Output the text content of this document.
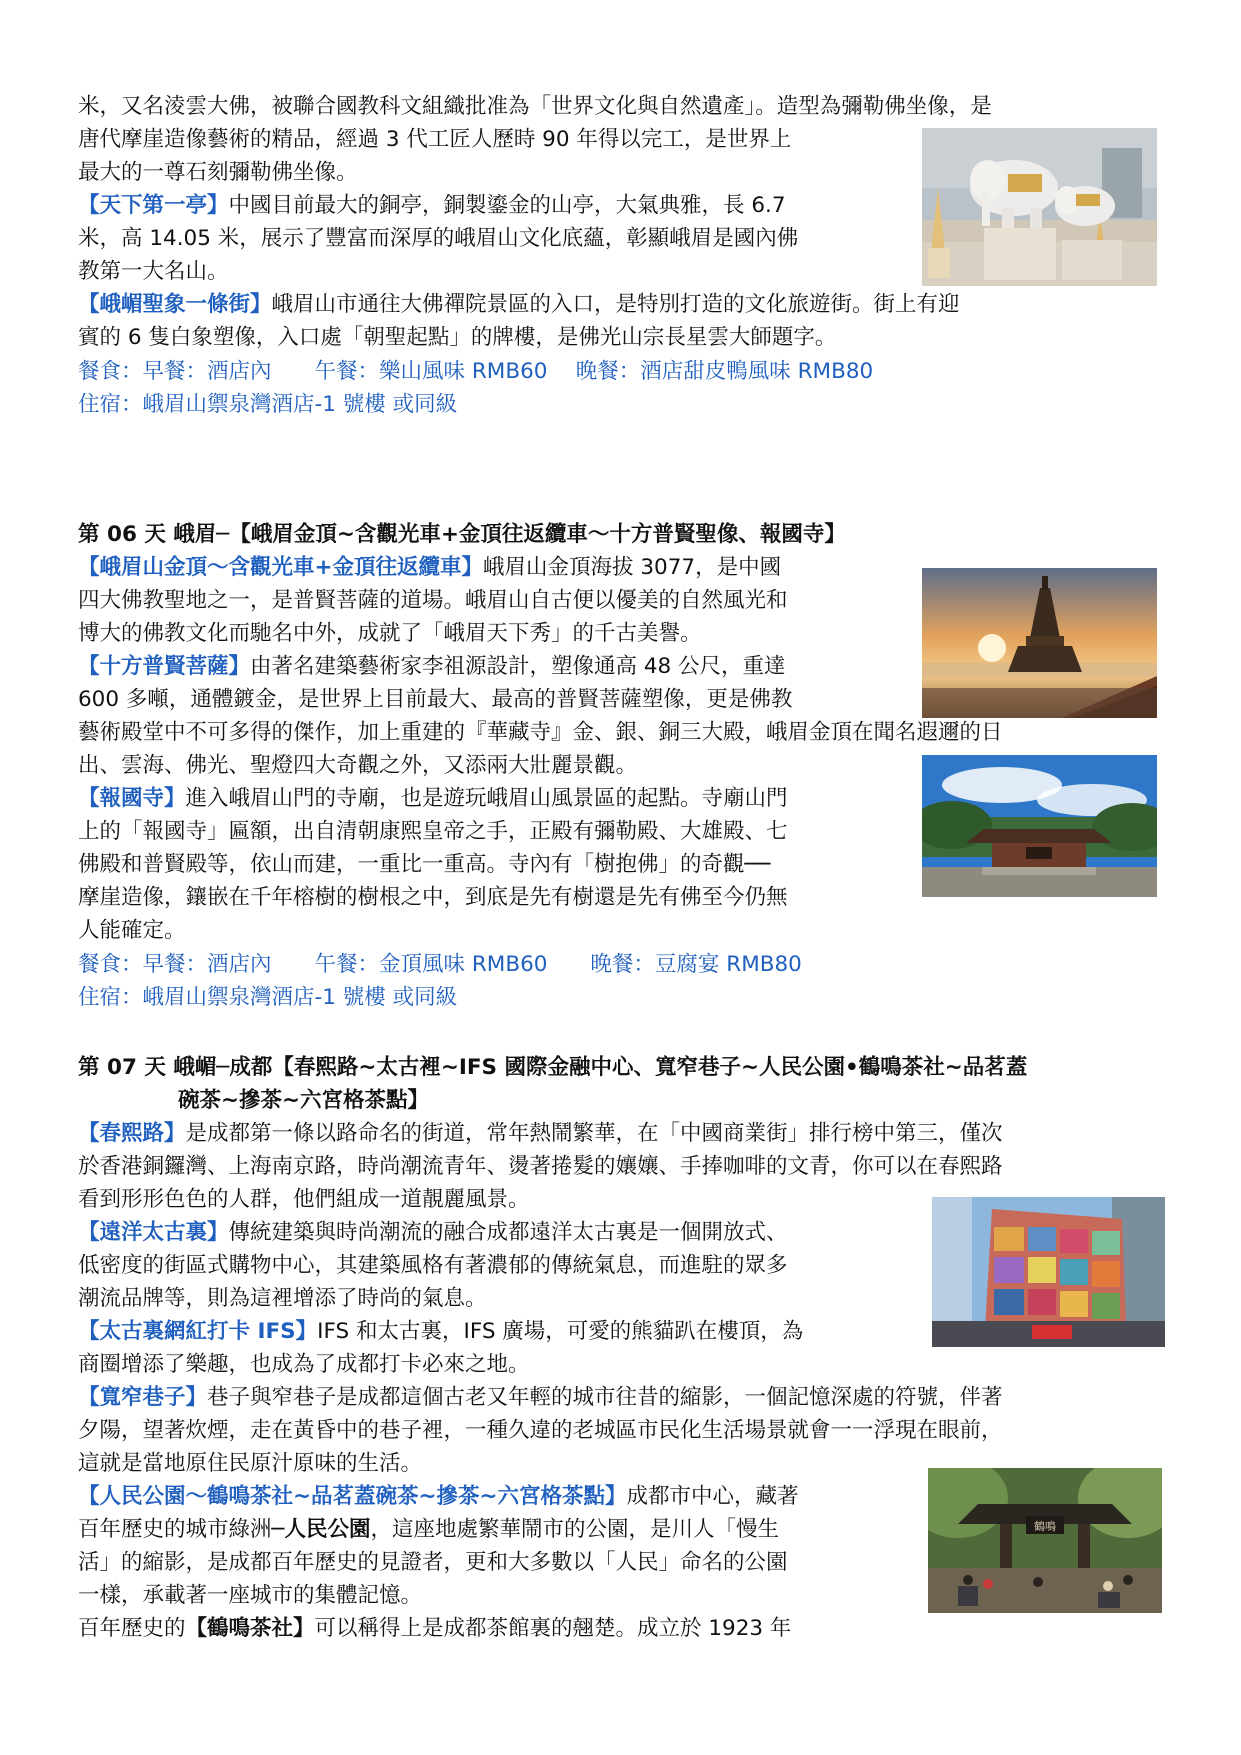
米，又名淩雲大佛，被聯合國教科文組織批准為「世界文化與自然遺產」。造型為彌勒佛坐像，是
唐代摩崖造像藝術的精品，經過 3 代工匠人歷時 90 年得以完工，是世界上
最大的一尊石刻彌勒佛坐像。
【天下第一亭】中國目前最大的銅亭，銅製鎏金的山亭，大氣典雅，長 6.7
米，高 14.05 米，展示了豐富而深厚的峨眉山文化底蘊，彰顯峨眉是國內佛
教第一大名山。
【峨嵋聖象一條街】峨眉山市通往大佛禪院景區的入口，是特別打造的文化旅遊街。街上有迎
賓的 6 隻白象塑像，入口處「朝聖起點」的牌樓，是佛光山宗長星雲大師題字。
餐食：早餐：酒店內　　午餐：樂山風味 RMB60　 晚餐：酒店甜皮鴨風味 RMB80
住宿：峨眉山禦泉灣酒店-1 號樓 或同級
第 06 天 峨眉─【峨眉金頂~含觀光車+金頂往返纜車～十方普賢聖像、報國寺】
【峨眉山金頂～含觀光車+金頂往返纜車】峨眉山金頂海拔 3077，是中國
四大佛教聖地之一，是普賢菩薩的道場。峨眉山自古便以優美的自然風光和
博大的佛教文化而馳名中外，成就了「峨眉天下秀」的千古美譽。
【十方普賢菩薩】由著名建築藝術家李祖源設計，塑像通高 48 公尺，重達
600 多噸，通體鍍金，是世界上目前最大、最高的普賢菩薩塑像，更是佛教
藝術殿堂中不可多得的傑作，加上重建的『華藏寺』金、銀、銅三大殿，峨眉金頂在聞名遐邇的日
出、雲海、佛光、聖燈四大奇觀之外，又添兩大壯麗景觀。
【報國寺】進入峨眉山門的寺廟，也是遊玩峨眉山風景區的起點。寺廟山門
上的「報國寺」匾額，出自清朝康熙皇帝之手，正殿有彌勒殿、大雄殿、七
佛殿和普賢殿等，依山而建，一重比一重高。寺內有「樹抱佛」的奇觀──
摩崖造像，鑲嵌在千年榕樹的樹根之中，到底是先有樹還是先有佛至今仍無
人能確定。
餐食：早餐：酒店內　　午餐：金頂風味 RMB60　　晚餐：豆腐宴 RMB80
住宿：峨眉山禦泉灣酒店-1 號樓 或同級
第 07 天 峨嵋─成都【春熙路~太古裡~IFS 國際金融中心、寬窄巷子~人民公園•鶴鳴茶社~品茗蓋
碗茶~摻茶~六宮格茶點】
【春熙路】是成都第一條以路命名的街道，常年熱鬧繁華，在「中國商業街」排行榜中第三，僅次
於香港銅鑼灣、上海南京路，時尚潮流青年、燙著捲髮的孃孃、手捧咖啡的文青，你可以在春熙路
看到形形色色的人群，他們組成一道靚麗風景。
【遠洋太古裏】傳統建築與時尚潮流的融合成都遠洋太古裏是一個開放式、
低密度的街區式購物中心，其建築風格有著濃郁的傳統氣息，而進駐的眾多
潮流品牌等，則為這裡增添了時尚的氣息。
【太古裏網紅打卡 IFS】IFS 和太古裏，IFS 廣場，可愛的熊貓趴在樓頂，為
商圈增添了樂趣，也成為了成都打卡必來之地。
【寬窄巷子】巷子與窄巷子是成都這個古老又年輕的城市往昔的縮影，一個記憶深處的符號，伴著
夕陽，望著炊煙，走在黃昏中的巷子裡，一種久違的老城區市民化生活場景就會一一浮現在眼前，
這就是當地原住民原汁原味的生活。
【人民公園～鶴鳴茶社~品茗蓋碗茶~摻茶~六宮格茶點】成都市中心，藏著
百年歷史的城市綠洲─人民公園，這座地處繁華鬧市的公園，是川人「慢生
活」的縮影，是成都百年歷史的見證者，更和大多數以「人民」命名的公園
一樣，承載著一座城市的集體記憶。
百年歷史的【鶴鳴茶社】可以稱得上是成都茶館裏的翹楚。成立於 1923 年
鶴鳴
